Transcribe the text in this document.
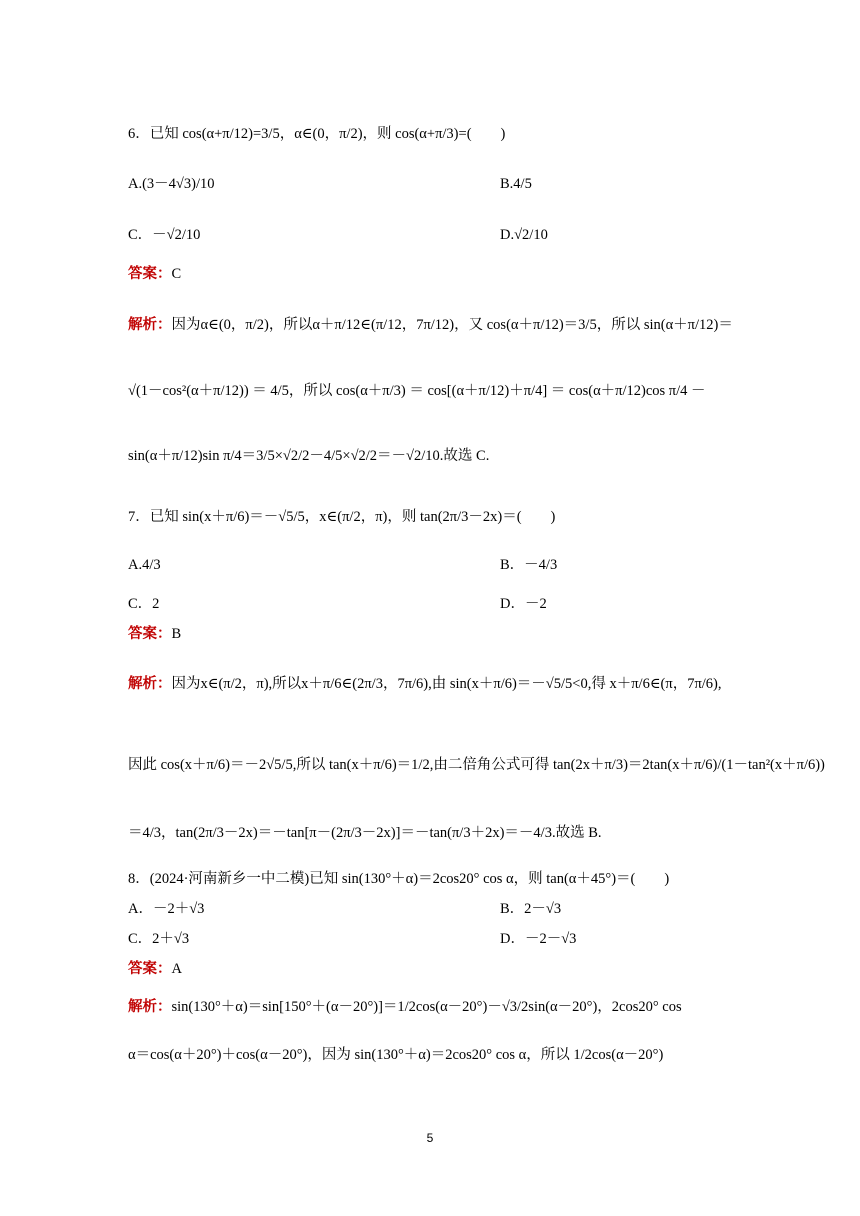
6．已知 cos(α+π/12)=3/5，α∈(0，π/2)，则 cos(α+π/3)=(　　)
A.(3－4√3)/10	B.4/5
C．－√2/10	D.√2/10
答案：C
解析：因为α∈(0，π/2)，所以α＋π/12∈(π/12，7π/12)，又 cos(α＋π/12)＝3/5，所以 sin(α＋π/12)＝
√(1－cos²(α＋π/12)) ＝ 4/5，所以 cos(α＋π/3) ＝ cos[(α＋π/12)＋π/4] ＝ cos(α＋π/12)cos π/4 －
sin(α＋π/12)sin π/4＝3/5×√2/2－4/5×√2/2＝－√2/10.故选 C.
7．已知 sin(x＋π/6)＝－√5/5，x∈(π/2，π)，则 tan(2π/3－2x)＝(　　)
A.4/3	B．－4/3
C．2	D．－2
答案：B
解析：因为x∈(π/2，π),所以x＋π/6∈(2π/3，7π/6),由 sin(x＋π/6)＝－√5/5<0,得 x＋π/6∈(π，7π/6),
因此 cos(x＋π/6)＝－2√5/5,所以 tan(x＋π/6)＝1/2,由二倍角公式可得 tan(2x＋π/3)＝2tan(x＋π/6)/(1－tan²(x＋π/6))
＝4/3，tan(2π/3－2x)＝－tan[π－(2π/3－2x)]＝－tan(π/3＋2x)＝－4/3.故选 B.
8．(2024·河南新乡一中二模)已知 sin(130°＋α)＝2cos20° cos α，则 tan(α＋45°)＝(　　)
A．－2＋√3	B．2－√3
C．2＋√3	D．－2－√3
答案：A
解析：sin(130°＋α)＝sin[150°＋(α－20°)]＝1/2cos(α－20°)－√3/2sin(α－20°)，2cos20° cos
α＝cos(α＋20°)＋cos(α－20°)，因为 sin(130°＋α)＝2cos20° cos α，所以 1/2cos(α－20°)
5
